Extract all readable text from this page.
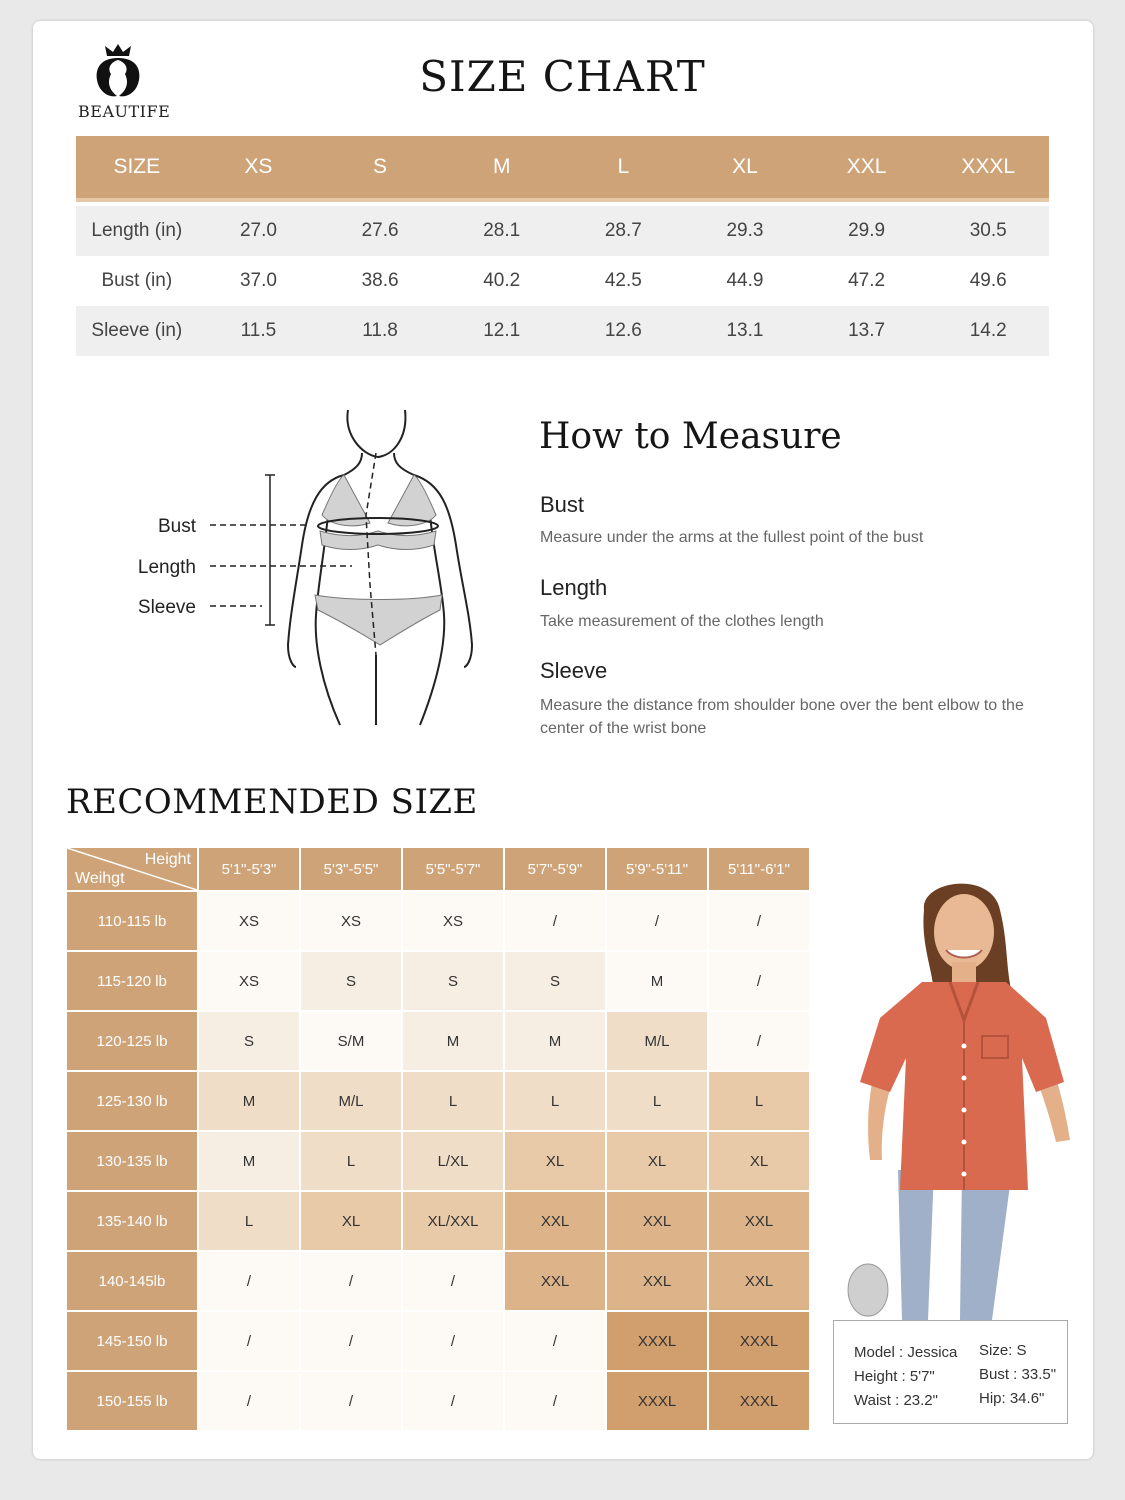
BEAUTIFE
SIZE CHART
SIZE	XS	S	M	L	XL	XXL	XXXL
Length (in)	27.0	27.6	28.1	28.7	29.3	29.9	30.5
Bust (in)	37.0	38.6	40.2	42.5	44.9	47.2	49.6
Sleeve (in)	11.5	11.8	12.1	12.6	13.1	13.7	14.2
Bust
Length
Sleeve
How to Measure
Bust
Measure under the arms at the fullest point of the bust
Length
Take measurement of the clothes length
Sleeve
Measure the distance from shoulder bone over the bent elbow to the center of the wrist bone
RECOMMENDED SIZE
Height
Weihgt
5'1"-5'3"	5'3"-5'5"	5'5"-5'7"	5'7"-5'9"	5'9"-5'11"	5'11"-6'1"
110-115 lb	XS	XS	XS	/	/	/
115-120 lb	XS	S	S	S	M	/
120-125 lb	S	S/M	M	M	M/L	/
125-130 lb	M	M/L	L	L	L	L
130-135 lb	M	L	L/XL	XL	XL	XL
135-140 lb	L	XL	XL/XXL	XXL	XXL	XXL
140-145lb	/	/	/	XXL	XXL	XXL
145-150 lb	/	/	/	/	XXXL	XXXL
150-155 lb	/	/	/	/	XXXL	XXXL
Model : Jessica
Height : 5'7"
Waist : 23.2"
Size: S
Bust : 33.5"
Hip: 34.6"
